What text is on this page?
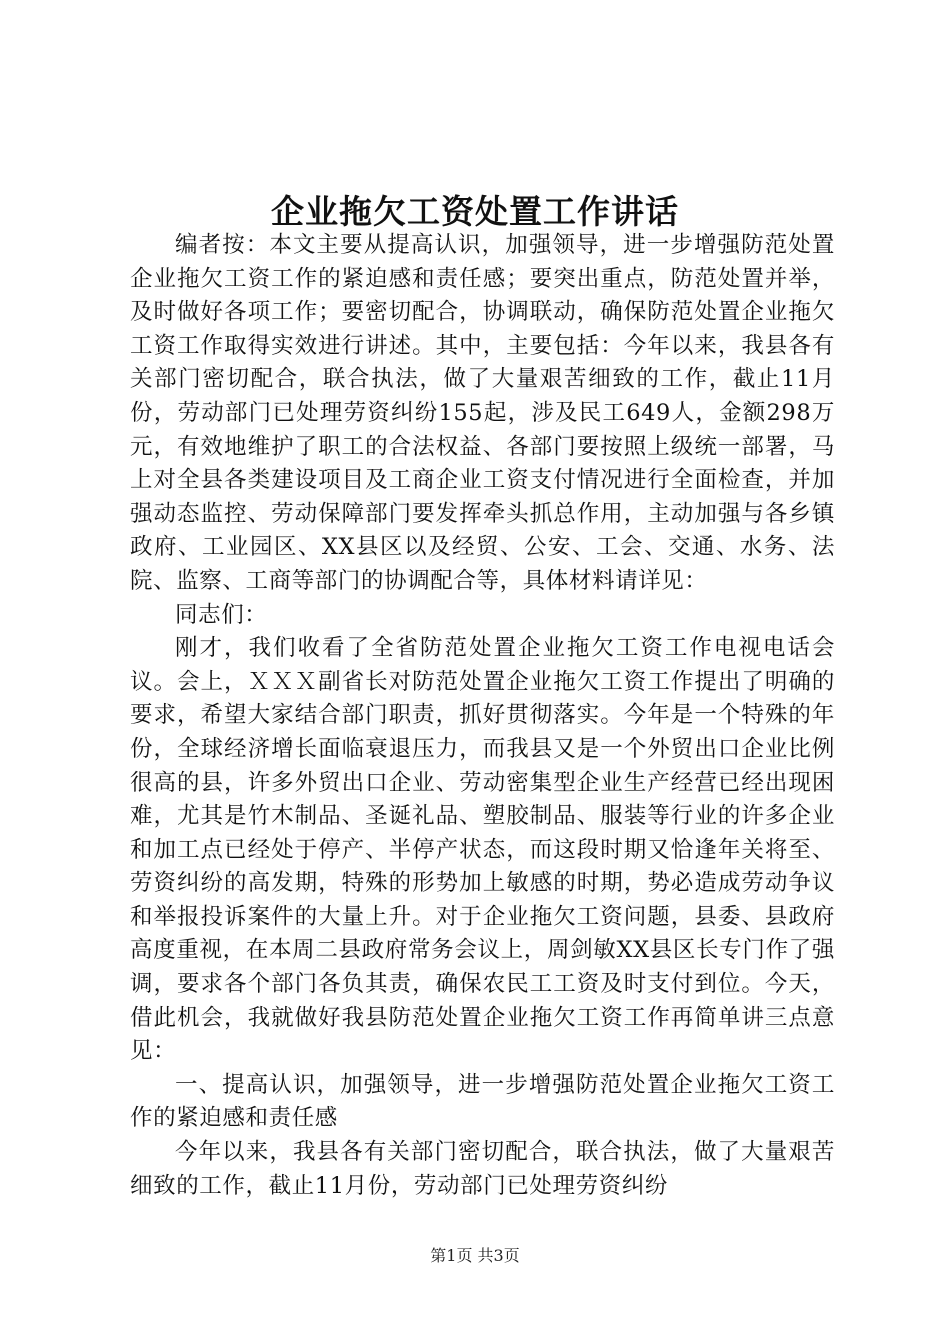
企业拖欠工资处置工作讲话

编者按：本文主要从提高认识，加强领导，进一步增强防范处置企业拖欠工资工作的紧迫感和责任感；要突出重点，防范处置并举，及时做好各项工作；要密切配合，协调联动，确保防范处置企业拖欠工资工作取得实效进行讲述。其中，主要包括：今年以来，我县各有关部门密切配合，联合执法，做了大量艰苦细致的工作，截止11月份，劳动部门已处理劳资纠纷155起，涉及民工649人，金额298万元，有效地维护了职工的合法权益、各部门要按照上级统一部署，马上对全县各类建设项目及工商企业工资支付情况进行全面检查，并加强动态监控、劳动保障部门要发挥牵头抓总作用，主动加强与各乡镇政府、工业园区、XX县区以及经贸、公安、工会、交通、水务、法院、监察、工商等部门的协调配合等，具体材料请详见：

同志们：

刚才，我们收看了全省防范处置企业拖欠工资工作电视电话会议。会上，ＸＸＸ副省长对防范处置企业拖欠工资工作提出了明确的要求，希望大家结合部门职责，抓好贯彻落实。今年是一个特殊的年份，全球经济增长面临衰退压力，而我县又是一个外贸出口企业比例很高的县，许多外贸出口企业、劳动密集型企业生产经营已经出现困难，尤其是竹木制品、圣诞礼品、塑胶制品、服装等行业的许多企业和加工点已经处于停产、半停产状态，而这段时期又恰逢年关将至、劳资纠纷的高发期，特殊的形势加上敏感的时期，势必造成劳动争议和举报投诉案件的大量上升。对于企业拖欠工资问题，县委、县政府高度重视，在本周二县政府常务会议上，周剑敏XX县区长专门作了强调，要求各个部门各负其责，确保农民工工资及时支付到位。今天，借此机会，我就做好我县防范处置企业拖欠工资工作再简单讲三点意见：

一、提高认识，加强领导，进一步增强防范处置企业拖欠工资工作的紧迫感和责任感

今年以来，我县各有关部门密切配合，联合执法，做了大量艰苦细致的工作，截止11月份，劳动部门已处理劳资纠纷

第1页 共3页
